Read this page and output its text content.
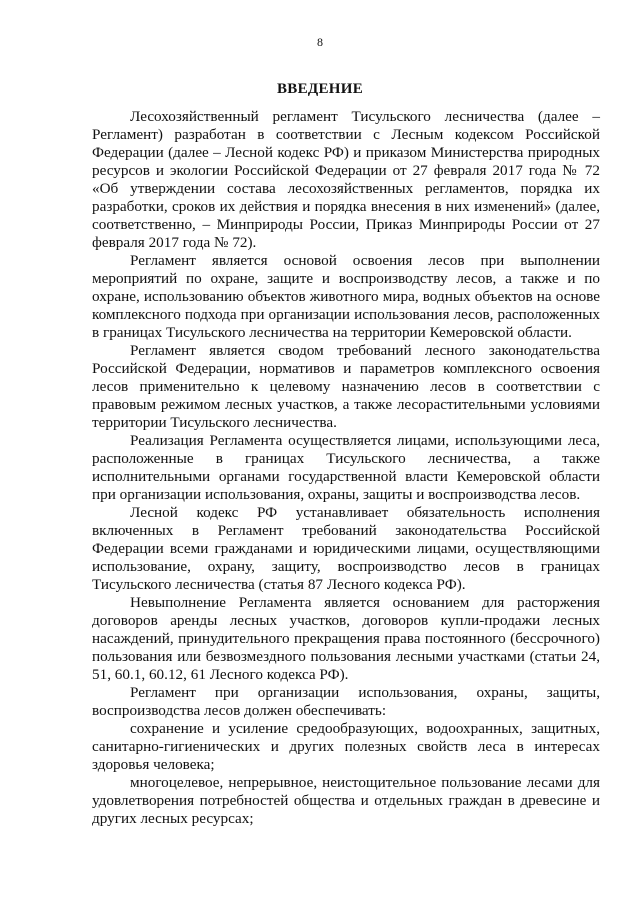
8
ВВЕДЕНИЕ

Лесохозяйственный регламент Тисульского лесничества (далее – Регламент) разработан в соответствии с Лесным кодексом Российской Федерации (далее – Лесной кодекс РФ) и приказом Министерства природных ресурсов и экологии Российской Федерации от 27 февраля 2017 года № 72 «Об утверждении состава лесохозяйственных регламентов, порядка их разработки, сроков их действия и порядка внесения в них изменений» (далее, соответственно, – Минприроды России, Приказ Минприроды России от 27 февраля 2017 года № 72).

Регламент является основой освоения лесов при выполнении мероприятий по охране, защите и воспроизводству лесов, а также и по охране, использованию объектов животного мира, водных объектов на основе комплексного подхода при организации использования лесов, расположенных в границах Тисульского лесничества на территории Кемеровской области.

Регламент является сводом требований лесного законодательства Российской Федерации, нормативов и параметров комплексного освоения лесов применительно к целевому назначению лесов в соответствии с правовым режимом лесных участков, а также лесорастительными условиями территории Тисульского лесничества.

Реализация Регламента осуществляется лицами, использующими леса, расположенные в границах Тисульского лесничества, а также исполнительными органами государственной власти Кемеровской области при организации использования, охраны, защиты и воспроизводства лесов.

Лесной кодекс РФ устанавливает обязательность исполнения включенных в Регламент требований законодательства Российской Федерации всеми гражданами и юридическими лицами, осуществляющими использование, охрану, защиту, воспроизводство лесов в границах Тисульского лесничества (статья 87 Лесного кодекса РФ).

Невыполнение Регламента является основанием для расторжения договоров аренды лесных участков, договоров купли-продажи лесных насаждений, принудительного прекращения права постоянного (бессрочного) пользования или безвозмездного пользования лесными участками (статьи 24, 51, 60.1, 60.12, 61 Лесного кодекса РФ).

Регламент при организации использования, охраны, защиты, воспроизводства лесов должен обеспечивать:

сохранение и усиление средообразующих, водоохранных, защитных, санитарно-гигиенических и других полезных свойств леса в интересах здоровья человека;

многоцелевое, непрерывное, неистощительное пользование лесами для удовлетворения потребностей общества и отдельных граждан в древесине и других лесных ресурсах;
